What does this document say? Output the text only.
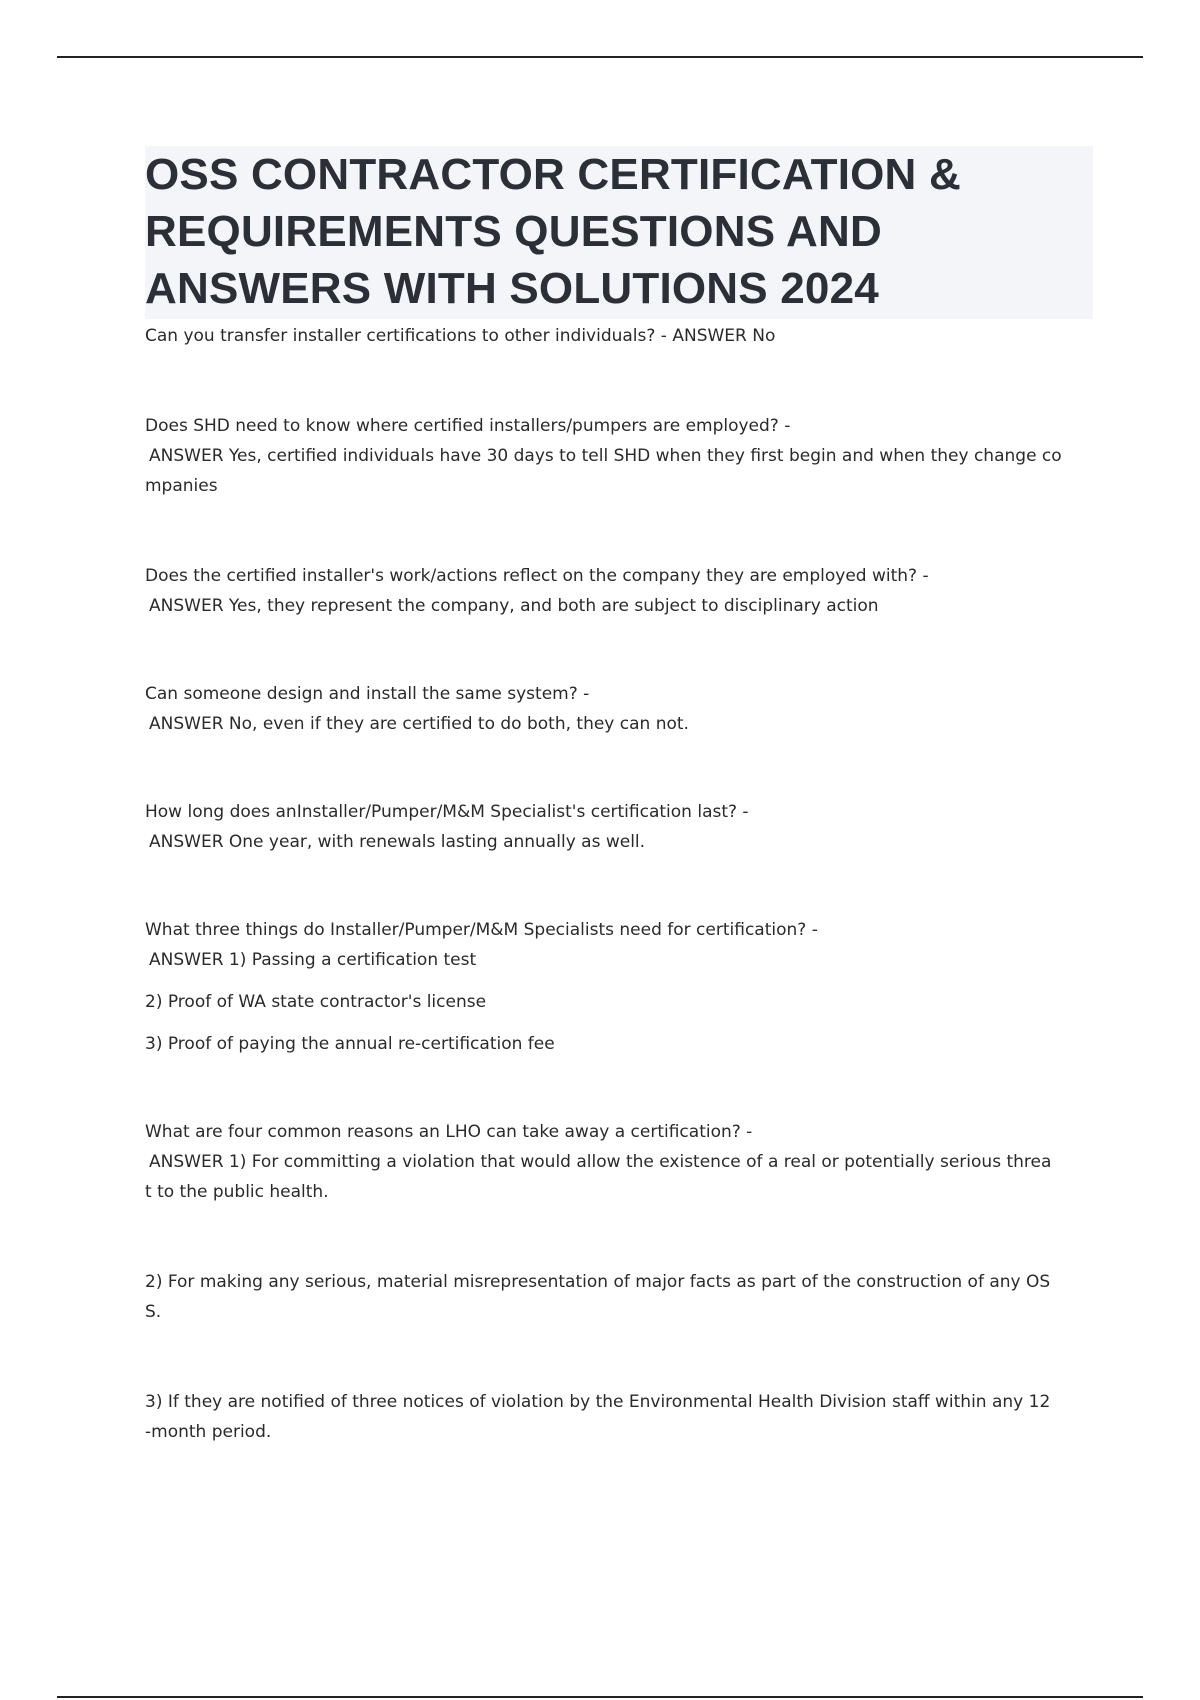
OSS CONTRACTOR CERTIFICATION & REQUIREMENTS QUESTIONS AND ANSWERS WITH SOLUTIONS 2024
Can you transfer installer certifications to other individuals? - ANSWER No
Does SHD need to know where certified installers/pumpers are employed? -
ANSWER Yes, certified individuals have 30 days to tell SHD when they first begin and when they change co
mpanies
Does the certified installer's work/actions reflect on the company they are employed with? -
ANSWER Yes, they represent the company, and both are subject to disciplinary action
Can someone design and install the same system? -
ANSWER No, even if they are certified to do both, they can not.
How long does anInstaller/Pumper/M&M Specialist's certification last? -
ANSWER One year, with renewals lasting annually as well.
What three things do Installer/Pumper/M&M Specialists need for certification? -
ANSWER 1) Passing a certification test
2) Proof of WA state contractor's license
3) Proof of paying the annual re-certification fee
What are four common reasons an LHO can take away a certification? -
ANSWER 1) For committing a violation that would allow the existence of a real or potentially serious threa
t to the public health.
2) For making any serious, material misrepresentation of major facts as part of the construction of any OS
S.
3) If they are notified of three notices of violation by the Environmental Health Division staff within any 12
-month period.
